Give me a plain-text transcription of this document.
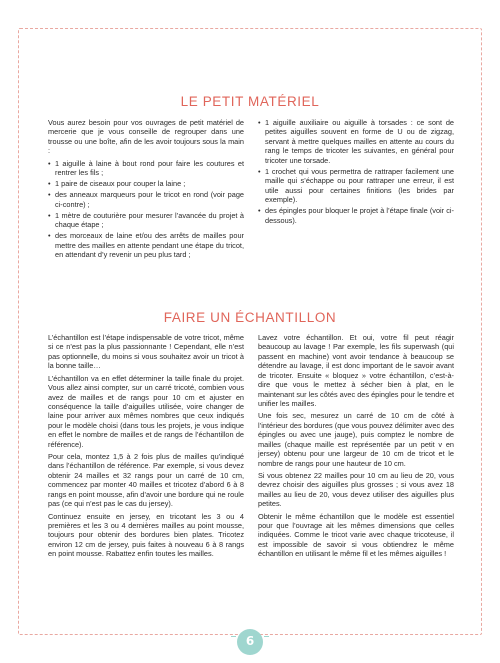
LE PETIT MATÉRIEL

Vous aurez besoin pour vos ouvrages de petit matériel de mercerie que je vous conseille de regrouper dans une trousse ou une boîte, afin de les avoir toujours sous la main :

• 1 aiguille à laine à bout rond pour faire les coutures et rentrer les fils ;
• 1 paire de ciseaux pour couper la laine ;
• des anneaux marqueurs pour le tricot en rond (voir page ci-contre) ;
• 1 mètre de couturière pour mesurer l’avancée du projet à chaque étape ;
• des morceaux de laine et/ou des arrêts de mailles pour mettre des mailles en attente pendant une étape du tricot, en attendant d’y revenir un peu plus tard ;
• 1 aiguille auxiliaire ou aiguille à torsades : ce sont de petites aiguilles souvent en forme de U ou de zigzag, servant à mettre quelques mailles en attente au cours du rang le temps de tricoter les suivantes, en général pour tricoter une torsade.
• 1 crochet qui vous permettra de rattraper facilement une maille qui s’échappe ou pour rattraper une erreur, il est utile aussi pour certaines finitions (les brides par exemple).
• des épingles pour bloquer le projet à l’étape finale (voir ci-dessous).
FAIRE UN ÉCHANTILLON

L’échantillon est l’étape indispensable de votre tricot, même si ce n’est pas la plus passionnante ! Cependant, elle n’est pas optionnelle, du moins si vous souhaitez avoir un tricot à la bonne taille…

L’échantillon va en effet déterminer la taille finale du projet. Vous allez ainsi compter, sur un carré tricoté, combien vous avez de mailles et de rangs pour 10 cm et ajuster en conséquence la taille d’aiguilles utilisée, voire changer de laine pour arriver aux mêmes nombres que ceux indiqués pour le modèle choisi (dans tous les projets, je vous indique en effet le nombre de mailles et de rangs de l’échantillon de référence).

Pour cela, montez 1,5 à 2 fois plus de mailles qu’indiqué dans l’échantillon de référence. Par exemple, si vous devez obtenir 24 mailles et 32 rangs pour un carré de 10 cm, commencez par monter 40 mailles et tricotez d’abord 6 à 8 rangs en point mousse, afin d’avoir une bordure qui ne roule pas (ce qui n’est pas le cas du jersey).

Continuez ensuite en jersey, en tricotant les 3 ou 4 premières et les 3 ou 4 dernières mailles au point mousse, toujours pour obtenir des bordures bien plates. Tricotez environ 12 cm de jersey, puis faites à nouveau 6 à 8 rangs en point mousse. Rabattez enfin toutes les mailles.

Lavez votre échantillon. Et oui, votre fil peut réagir beaucoup au lavage ! Par exemple, les fils superwash (qui passent en machine) vont avoir tendance à beaucoup se détendre au lavage, il est donc important de le savoir avant de tricoter. Ensuite « bloquez » votre échantillon, c’est-à-dire que vous le mettez à sécher bien à plat, en le maintenant sur les côtés avec des épingles pour le tendre et unifier les mailles.

Une fois sec, mesurez un carré de 10 cm de côté à l’intérieur des bordures (que vous pouvez délimiter avec des épingles ou avec une jauge), puis comptez le nombre de mailles (chaque maille est représentée par un petit v en jersey) obtenu pour une largeur de 10 cm de tricot et le nombre de rangs pour une hauteur de 10 cm.

Si vous obtenez 22 mailles pour 10 cm au lieu de 20, vous devrez choisir des aiguilles plus grosses ; si vous avez 18 mailles au lieu de 20, vous devez utiliser des aiguilles plus petites.

Obtenir le même échantillon que le modèle est essentiel pour que l’ouvrage ait les mêmes dimensions que celles indiquées. Comme le tricot varie avec chaque tricoteuse, il est impossible de savoir si vous obtiendrez le même échantillon en utilisant le même fil et les mêmes aiguilles !

6
